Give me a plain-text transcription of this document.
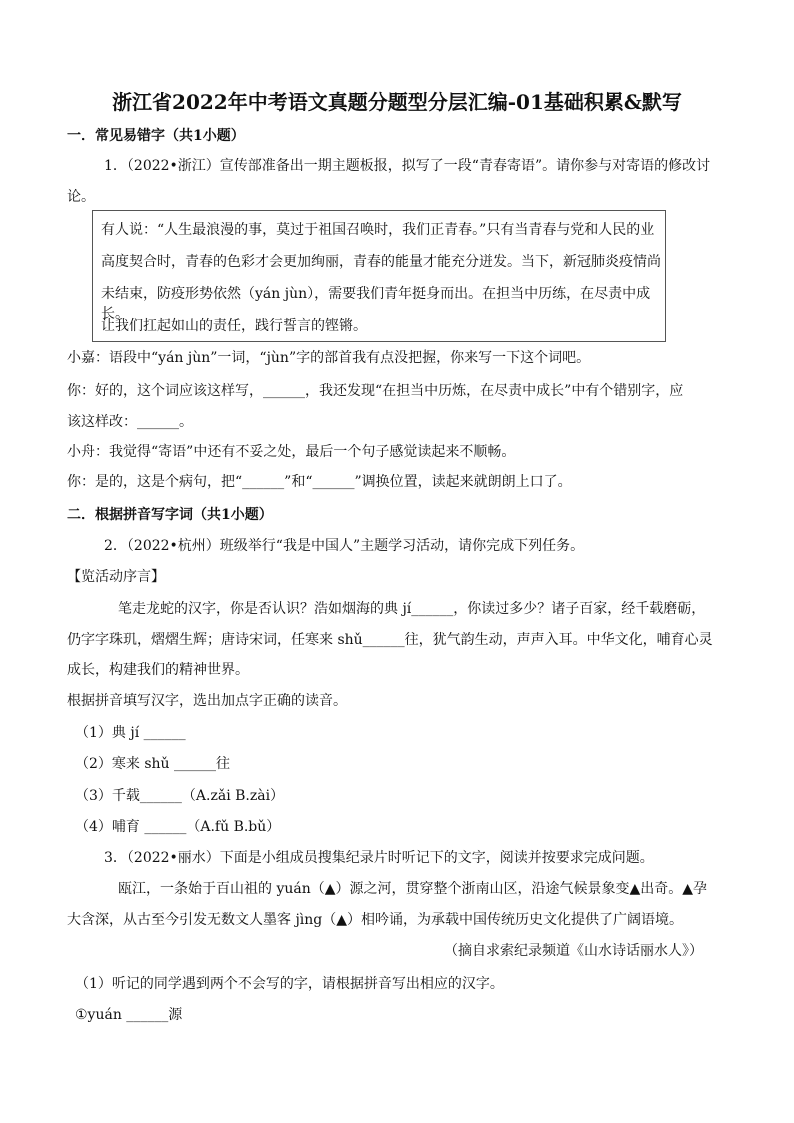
浙江省2022年中考语文真题分题型分层汇编-01基础积累&默写
一．常见易错字（共1小题）
1．（2022•浙江）宣传部准备出一期主题板报，拟写了一段“青春寄语”。请你参与对寄语的修改讨
论。
有人说：“人生最浪漫的事，莫过于祖国召唤时，我们正青春。”只有当青春与党和人民的业
高度契合时，青春的色彩才会更加绚丽，青春的能量才能充分迸发。当下，新冠肺炎疫情尚
未结束，防疫形势依然（yán jùn），需要我们青年挺身而出。在担当中历练，在尽责中成长。
让我们扛起如山的责任，践行誓言的铿锵。
小嘉：语段中“yán jùn”一词，“jùn”字的部首我有点没把握，你来写一下这个词吧。
你：好的，这个词应该这样写，______，我还发现“在担当中历炼，在尽责中成长”中有个错别字，应
该这样改：______。
小舟：我觉得“寄语”中还有不妥之处，最后一个句子感觉读起来不顺畅。
你：是的，这是个病句，把“______”和“______”调换位置，读起来就朗朗上口了。
二．根据拼音写字词（共1小题）
2．（2022•杭州）班级举行“我是中国人”主题学习活动，请你完成下列任务。
【览活动序言】
笔走龙蛇的汉字，你是否认识？浩如烟海的典 jí______，你读过多少？诸子百家，经千载磨砺，
仍字字珠玑，熠熠生辉；唐诗宋词，任寒来 shǔ______往，犹气韵生动，声声入耳。中华文化，哺育心灵
成长，构建我们的精神世界。
根据拼音填写汉字，选出加点字正确的读音。
（1）典 jí ______
（2）寒来 shǔ ______往
（3）千载______（A.zǎi B.zài）
（4）哺育 ______（A.fǔ B.bǔ）
3．（2022•丽水）下面是小组成员搜集纪录片时听记下的文字，阅读并按要求完成问题。
瓯江，一条始于百山祖的 yuán（▲）源之河，贯穿整个浙南山区，沿途气候景象变▲出奇。▲孕
大含深，从古至今引发无数文人墨客 jìng（▲）相吟诵，为承载中国传统历史文化提供了广阔语境。
（摘自求索纪录频道《山水诗话丽水人》）
（1）听记的同学遇到两个不会写的字，请根据拼音写出相应的汉字。
①yuán ______源
